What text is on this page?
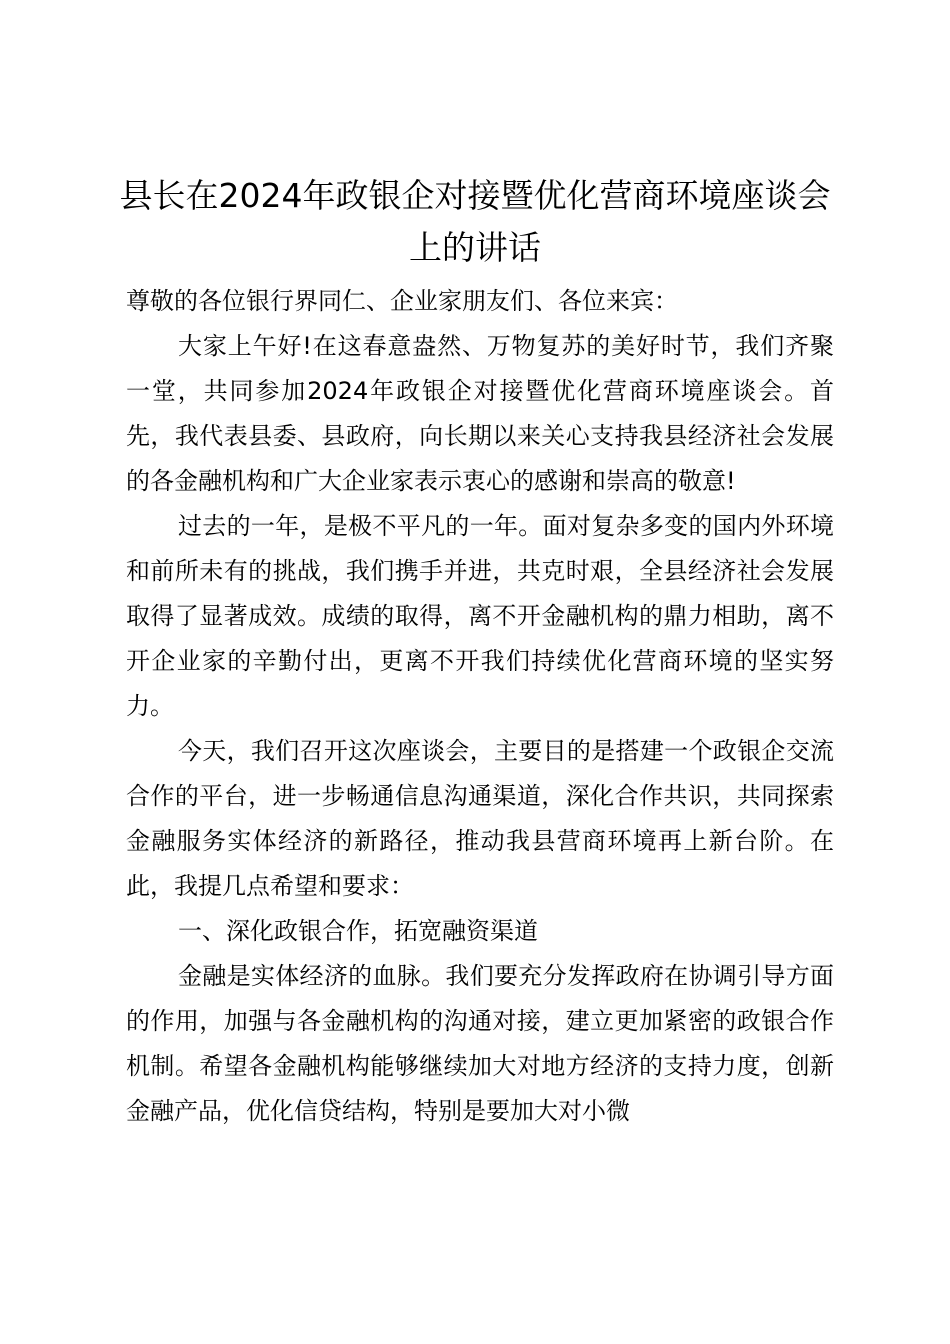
县长在2024年政银企对接暨优化营商环境座谈会上的讲话

尊敬的各位银行界同仁、企业家朋友们、各位来宾：

大家上午好!在这春意盎然、万物复苏的美好时节，我们齐聚一堂，共同参加2024年政银企对接暨优化营商环境座谈会。首先，我代表县委、县政府，向长期以来关心支持我县经济社会发展的各金融机构和广大企业家表示衷心的感谢和崇高的敬意!

过去的一年，是极不平凡的一年。面对复杂多变的国内外环境和前所未有的挑战，我们携手并进，共克时艰，全县经济社会发展取得了显著成效。成绩的取得，离不开金融机构的鼎力相助，离不开企业家的辛勤付出，更离不开我们持续优化营商环境的坚实努力。

今天，我们召开这次座谈会，主要目的是搭建一个政银企交流合作的平台，进一步畅通信息沟通渠道，深化合作共识，共同探索金融服务实体经济的新路径，推动我县营商环境再上新台阶。在此，我提几点希望和要求：

一、深化政银合作，拓宽融资渠道

金融是实体经济的血脉。我们要充分发挥政府在协调引导方面的作用，加强与各金融机构的沟通对接，建立更加紧密的政银合作机制。希望各金融机构能够继续加大对地方经济的支持力度，创新金融产品，优化信贷结构，特别是要加大对小微
